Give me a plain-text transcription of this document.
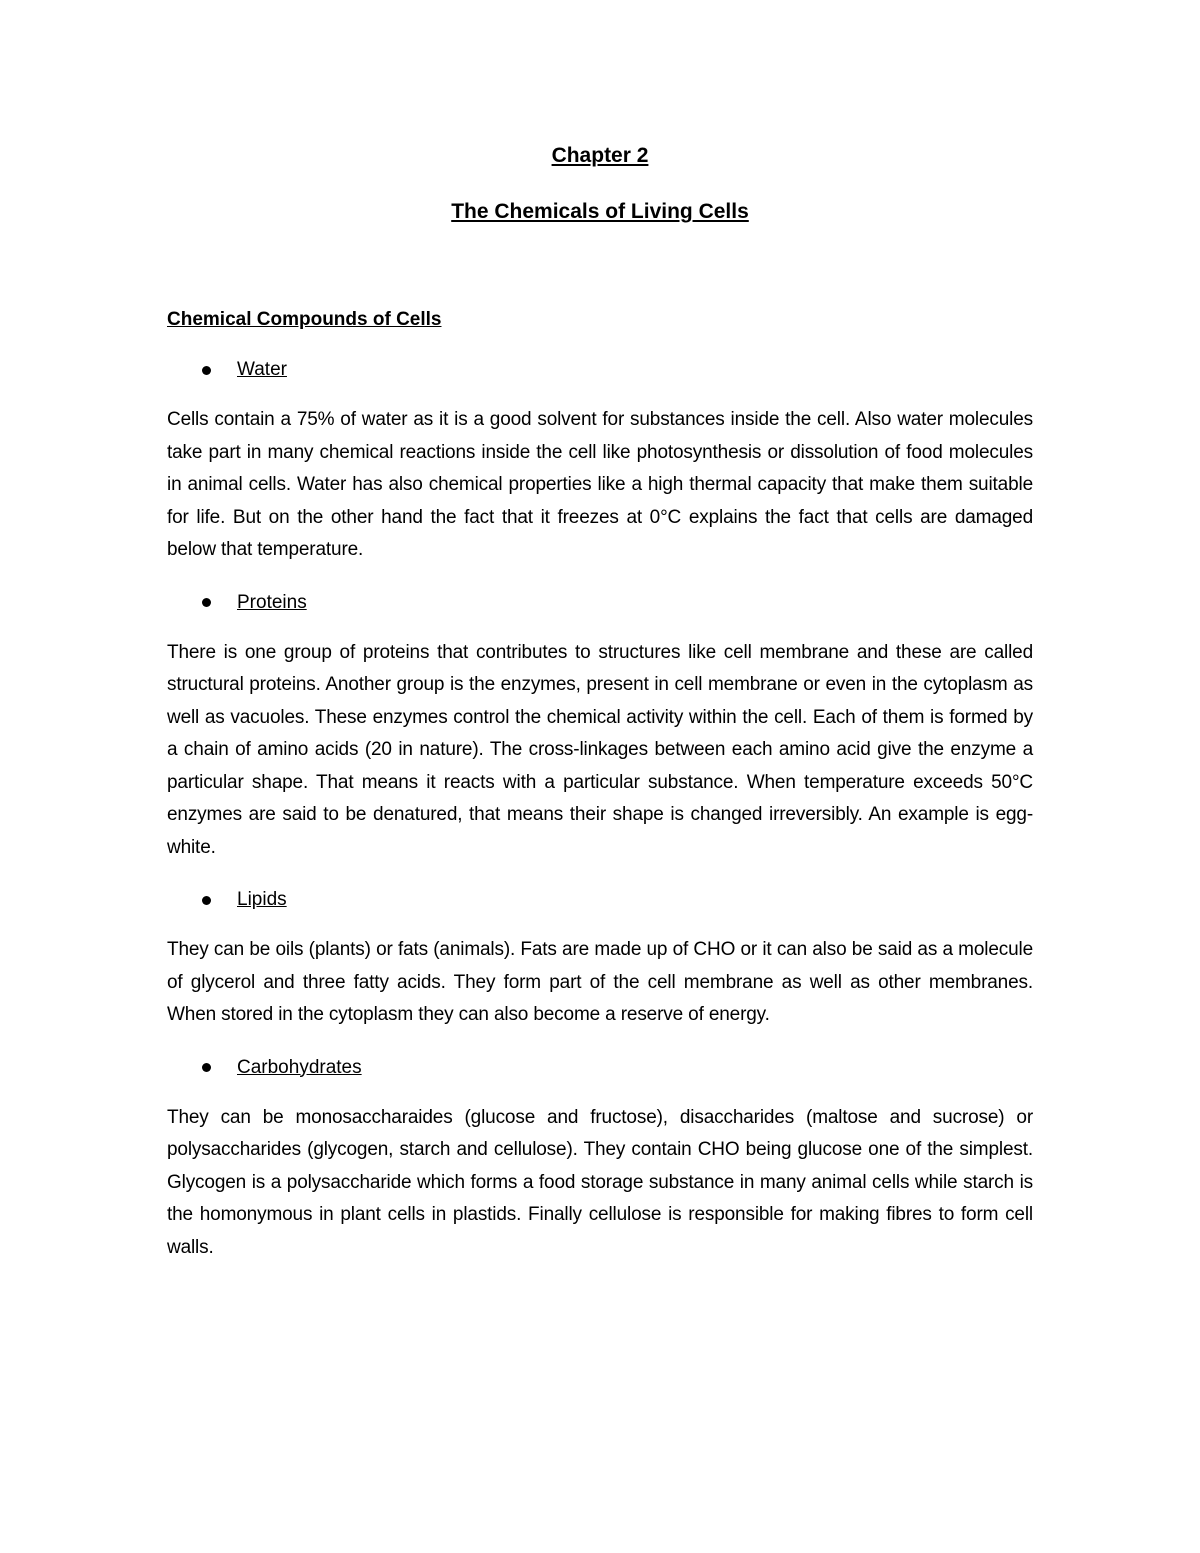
Chapter 2
The Chemicals of Living Cells
Chemical Compounds of Cells
Water

Cells contain a 75% of water as it is a good solvent for substances inside the cell. Also water molecules take part in many chemical reactions inside the cell like photosynthesis or dissolution of food molecules in animal cells. Water has also chemical properties like a high thermal capacity that make them suitable for life. But on the other hand the fact that it freezes at 0°C explains the fact that cells are damaged below that temperature.

Proteins

There is one group of proteins that contributes to structures like cell membrane and these are called structural proteins. Another group is the enzymes, present in cell membrane or even in the cytoplasm as well as vacuoles. These enzymes control the chemical activity within the cell. Each of them is formed by a chain of amino acids (20 in nature). The cross-linkages between each amino acid give the enzyme a particular shape. That means it reacts with a particular substance. When temperature exceeds 50°C enzymes are said to be denatured, that means their shape is changed irreversibly. An example is egg-white.

Lipids

They can be oils (plants) or fats (animals). Fats are made up of CHO or it can also be said as a molecule of glycerol and three fatty acids. They form part of the cell membrane as well as other membranes. When stored in the cytoplasm they can also become a reserve of energy.

Carbohydrates

They can be monosaccharaides (glucose and fructose), disaccharides (maltose and sucrose) or polysaccharides (glycogen, starch and cellulose). They contain CHO being glucose one of the simplest. Glycogen is a polysaccharide which forms a food storage substance in many animal cells while starch is the homonymous in plant cells in plastids. Finally cellulose is responsible for making fibres to form cell walls.
